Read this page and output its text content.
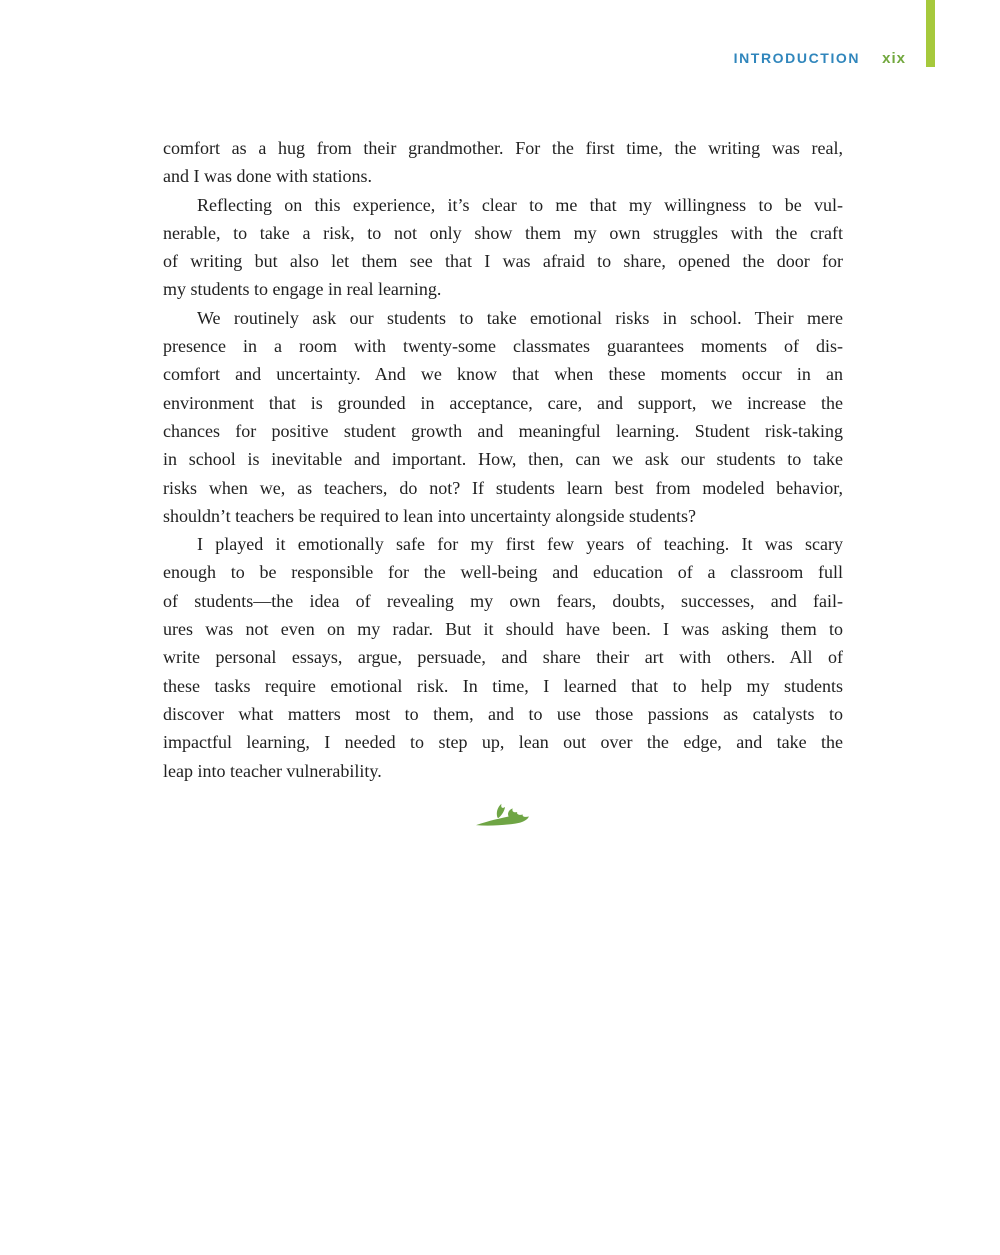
INTRODUCTION xix
comfort as a hug from their grandmother. For the first time, the writing was real,
and I was done with stations.
Reflecting on this experience, it’s clear to me that my willingness to be vul-
nerable, to take a risk, to not only show them my own struggles with the craft
of writing but also let them see that I was afraid to share, opened the door for
my students to engage in real learning.
We routinely ask our students to take emotional risks in school. Their mere
presence in a room with twenty-some classmates guarantees moments of dis-
comfort and uncertainty. And we know that when these moments occur in an
environment that is grounded in acceptance, care, and support, we increase the
chances for positive student growth and meaningful learning. Student risk-taking
in school is inevitable and important. How, then, can we ask our students to take
risks when we, as teachers, do not? If students learn best from modeled behavior,
shouldn’t teachers be required to lean into uncertainty alongside students?
I played it emotionally safe for my first few years of teaching. It was scary
enough to be responsible for the well-being and education of a classroom full
of students—the idea of revealing my own fears, doubts, successes, and fail-
ures was not even on my radar. But it should have been. I was asking them to
write personal essays, argue, persuade, and share their art with others. All of
these tasks require emotional risk. In time, I learned that to help my students
discover what matters most to them, and to use those passions as catalysts to
impactful learning, I needed to step up, lean out over the edge, and take the
leap into teacher vulnerability.
